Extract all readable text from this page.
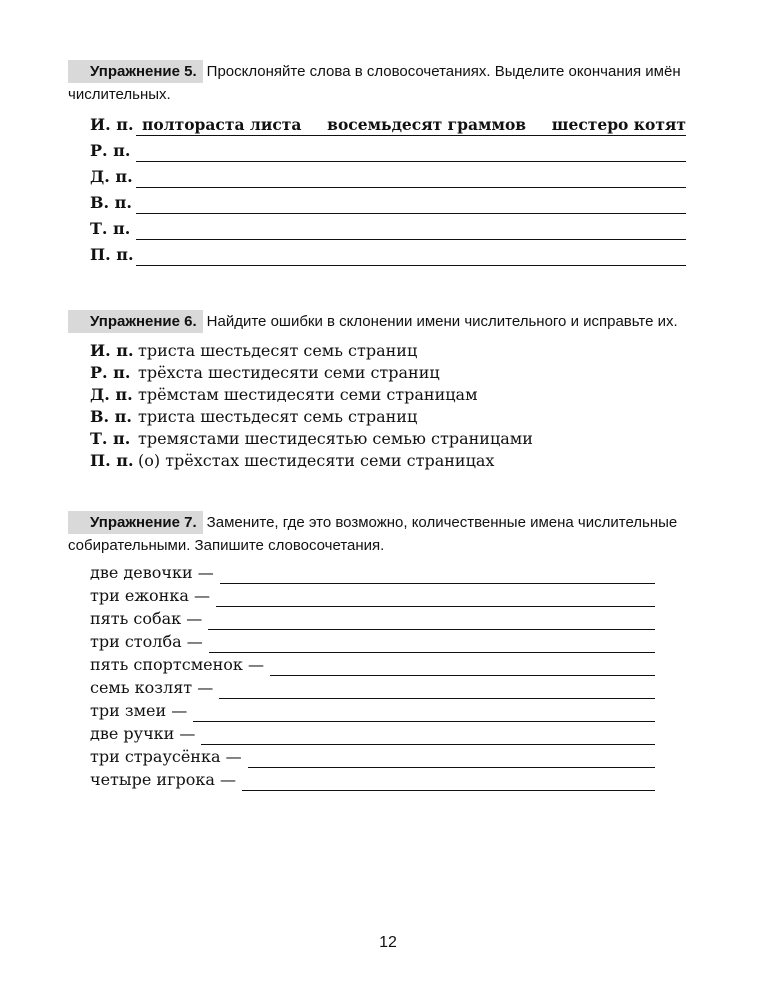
Упражнение 5. Просклоняйте слова в словосочетаниях. Выделите окончания имён
числительных.
И. п. полтораста листа восемьдесят граммов шестеро котят
Р. п.
Д. п.
В. п.
Т. п.
П. п.
Упражнение 6. Найдите ошибки в склонении имени числительного и исправьте их.
И. п. триста шестьдесят семь страниц
Р. п. трёхста шестидесяти семи страниц
Д. п. трёмстам шестидесяти семи страницам
В. п. триста шестьдесят семь страниц
Т. п. тремястами шестидесятью семью страницами
П. п. (о) трёхстах шестидесяти семи страницах
Упражнение 7. Замените, где это возможно, количественные имена числительные
собирательными. Запишите словосочетания.
две девочки —
три ежонка —
пять собак —
три столба —
пять спортсменок —
семь козлят —
три змеи —
две ручки —
три страусёнка —
четыре игрока —
12
